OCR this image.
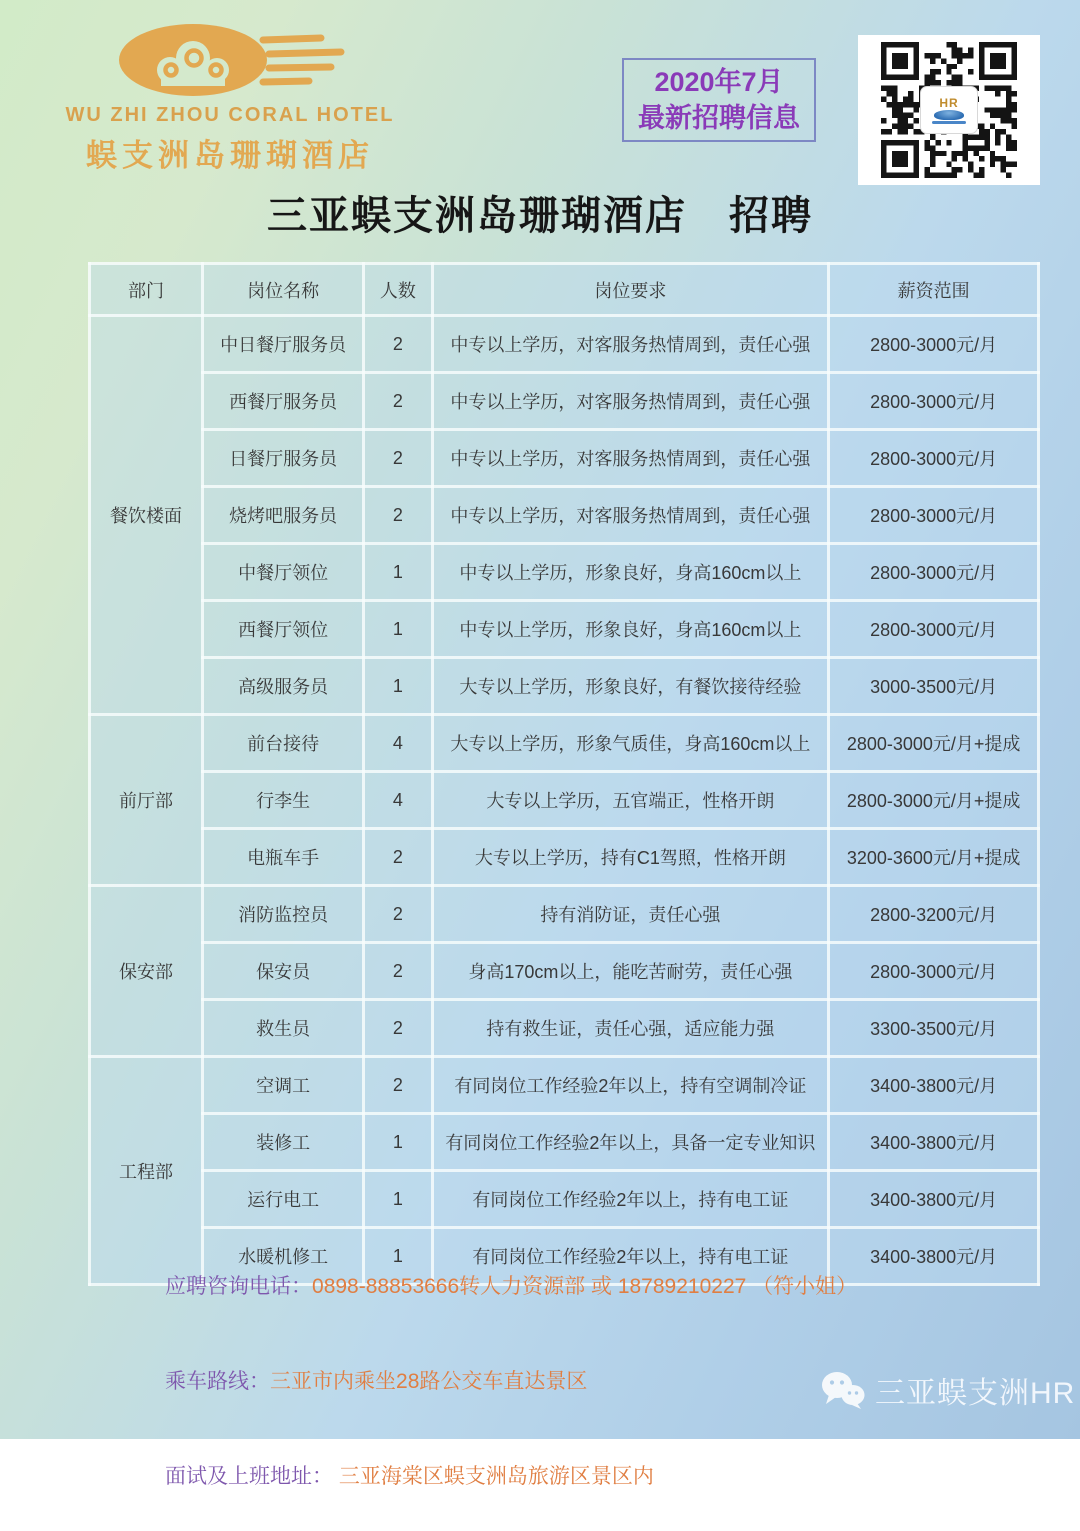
WU ZHI ZHOU CORAL HOTEL
蜈支洲岛珊瑚酒店
2020年7月
最新招聘信息
HR
三亚蜈支洲岛珊瑚酒店　招聘
部门	岗位名称	人数	岗位要求	薪资范围
餐饮楼面	中日餐厅服务员	2	中专以上学历，对客服务热情周到，责任心强	2800-3000元/月
	西餐厅服务员	2	中专以上学历，对客服务热情周到，责任心强	2800-3000元/月
	日餐厅服务员	2	中专以上学历，对客服务热情周到，责任心强	2800-3000元/月
	烧烤吧服务员	2	中专以上学历，对客服务热情周到，责任心强	2800-3000元/月
	中餐厅领位	1	中专以上学历，形象良好，身高160cm以上	2800-3000元/月
	西餐厅领位	1	中专以上学历，形象良好，身高160cm以上	2800-3000元/月
	高级服务员	1	大专以上学历，形象良好，有餐饮接待经验	3000-3500元/月
前厅部	前台接待	4	大专以上学历，形象气质佳，身高160cm以上	2800-3000元/月+提成
	行李生	4	大专以上学历，五官端正，性格开朗	2800-3000元/月+提成
	电瓶车手	2	大专以上学历，持有C1驾照，性格开朗	3200-3600元/月+提成
保安部	消防监控员	2	持有消防证，责任心强	2800-3200元/月
	保安员	2	身高170cm以上，能吃苦耐劳，责任心强	2800-3000元/月
	救生员	2	持有救生证，责任心强，适应能力强	3300-3500元/月
工程部	空调工	2	有同岗位工作经验2年以上，持有空调制冷证	3400-3800元/月
	装修工	1	有同岗位工作经验2年以上，具备一定专业知识	3400-3800元/月
	运行电工	1	有同岗位工作经验2年以上，持有电工证	3400-3800元/月
	水暖机修工	1	有同岗位工作经验2年以上，持有电工证	3400-3800元/月

应聘咨询电话：0898-88853666转人力资源部 或 18789210227 （符小姐）

乘车路线：三亚市内乘坐28路公交车直达景区

面试及上班地址： 三亚海棠区蜈支洲岛旅游区景区内

三亚蜈支洲HR
